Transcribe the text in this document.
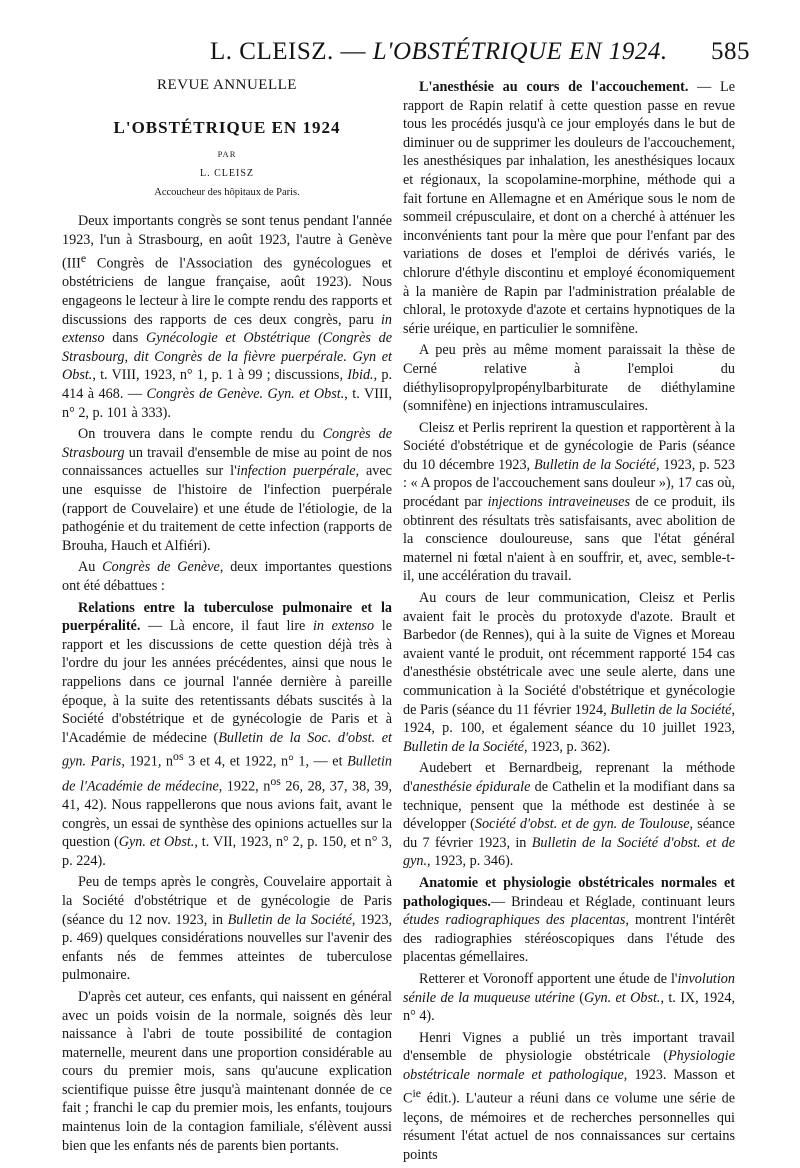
L. CLEISZ. — L'OBSTÉTRIQUE EN 1924. 585
REVUE ANNUELLE
L'OBSTÉTRIQUE EN 1924
PAR
L. CLEISZ
Accoucheur des hôpitaux de Paris.

Deux importants congrès se sont tenus pendant l'année 1923, l'un à Strasbourg, en août 1923, l'autre à Genève (IIIe Congrès de l'Association des gynécologues et obstétriciens de langue française, août 1923). Nous engageons le lecteur à lire le compte rendu des rapports et discussions des rapports de ces deux congrès, paru in extenso dans Gynécologie et Obstétrique (Congrès de Strasbourg, dit Congrès de la fièvre puerpérale. Gyn et Obst., t. VIII, 1923, n° 1, p. 1 à 99 ; discussions, Ibid., p. 414 à 468. — Congrès de Genève. Gyn. et Obst., t. VIII, n° 2, p. 101 à 333).

On trouvera dans le compte rendu du Congrès de Strasbourg un travail d'ensemble de mise au point de nos connaissances actuelles sur l'infection puerpérale, avec une esquisse de l'histoire de l'infection puerpérale (rapport de Couvelaire) et une étude de l'étiologie, de la pathogénie et du traitement de cette infection (rapports de Brouha, Hauch et Alfiéri).

Au Congrès de Genève, deux importantes questions ont été débattues :

Relations entre la tuberculose pulmonaire et la puerpéralité. — Là encore, il faut lire in extenso le rapport et les discussions de cette question déjà très à l'ordre du jour les années précédentes, ainsi que nous le rappelions dans ce journal l'année dernière à pareille époque, à la suite des retentissants débats suscités à la Société d'obstétrique et de gynécologie de Paris et à l'Académie de médecine (Bulletin de la Soc. d'obst. et gyn. Paris, 1921, $n^{os}$ 3 et 4, et 1922, n° 1, — et Bulletin de l'Académie de médecine, 1922, $n^{os}$ 26, 28, 37, 38, 39, 41, 42). Nous rappellerons que nous avions fait, avant le congrès, un essai de synthèse des opinions actuelles sur la question (Gyn. et Obst., t. VII, 1923, n° 2, p. 150, et n° 3, p. 224).

Peu de temps après le congrès, Couvelaire apportait à la Société d'obstétrique et de gynécologie de Paris (séance du 12 nov. 1923, in Bulletin de la Société, 1923, p. 469) quelques considérations nouvelles sur l'avenir des enfants nés de femmes atteintes de tuberculose pulmonaire.

D'après cet auteur, ces enfants, qui naissent en général avec un poids voisin de la normale, soignés dès leur naissance à l'abri de toute possibilité de contagion maternelle, meurent dans une proportion considérable au cours du premier mois, sans qu'aucune explication scientifique puisse être jusqu'à maintenant donnée de ce fait ; franchi le cap du premier mois, les enfants, toujours maintenus loin de la contagion familiale, s'élèvent aussi bien que les enfants nés de parents bien portants.

L'anesthésie au cours de l'accouchement. — Le rapport de Rapin relatif à cette question passe en revue tous les procédés jusqu'à ce jour employés dans le but de diminuer ou de supprimer les douleurs de l'accouchement, les anesthésiques par inhalation, les anesthésiques locaux et régionaux, la scopolamine-morphine, méthode qui a fait fortune en Allemagne et en Amérique sous le nom de sommeil crépusculaire, et dont on a cherché à atténuer les inconvénients tant pour la mère que pour l'enfant par des variations de doses et l'emploi de dérivés variés, le chlorure d'éthyle discontinu et employé économiquement à la manière de Rapin par l'administration préalable de chloral, le protoxyde d'azote et certains hypnotiques de la série uréique, en particulier le somnifène.

A peu près au même moment paraissait la thèse de Cerné relative à l'emploi du diéthylisopropylpropénylbarbiturate de diéthylamine (somnifène) en injections intramusculaires.

Cleisz et Perlis reprirent la question et rapportèrent à la Société d'obstétrique et de gynécologie de Paris (séance du 10 décembre 1923, Bulletin de la Société, 1923, p. 523 : « A propos de l'accouchement sans douleur »), 17 cas où, procédant par injections intraveineuses de ce produit, ils obtinrent des résultats très satisfaisants, avec abolition de la conscience douloureuse, sans que l'état général maternel ni fœtal n'aient à en souffrir, et, avec, semble-t-il, une accélération du travail.

Au cours de leur communication, Cleisz et Perlis avaient fait le procès du protoxyde d'azote. Brault et Barbedor (de Rennes), qui à la suite de Vignes et Moreau avaient vanté le produit, ont récemment rapporté 154 cas d'anesthésie obstétricale avec une seule alerte, dans une communication à la Société d'obstétrique et gynécologie de Paris (séance du 11 février 1924, Bulletin de la Société, 1924, p. 100, et également séance du 10 juillet 1923, Bulletin de la Société, 1923, p. 362).

Audebert et Bernardbeig, reprenant la méthode d'anesthésie épidurale de Cathelin et la modifiant dans sa technique, pensent que la méthode est destinée à se développer (Société d'obst. et de gyn. de Toulouse, séance du 7 février 1923, in Bulletin de la Société d'obst. et de gyn., 1923, p. 346).

Anatomie et physiologie obstétricales normales et pathologiques.— Brindeau et Réglade, continuant leurs études radiographiques des placentas, montrent l'intérêt des radiographies stéréoscopiques dans l'étude des placentas gémellaires.

Retterer et Voronoff apportent une étude de l'involution sénile de la muqueuse utérine (Gyn. et Obst., t. IX, 1924, n° 4).

Henri Vignes a publié un très important travail d'ensemble de physiologie obstétricale (Physiologie obstétricale normale et pathologique, 1923. Masson et $C^{ie}$ édit.). L'auteur a réuni dans ce volume une série de leçons, de mémoires et de recherches personnelles qui résument l'état actuel de nos connaissances sur certains points
